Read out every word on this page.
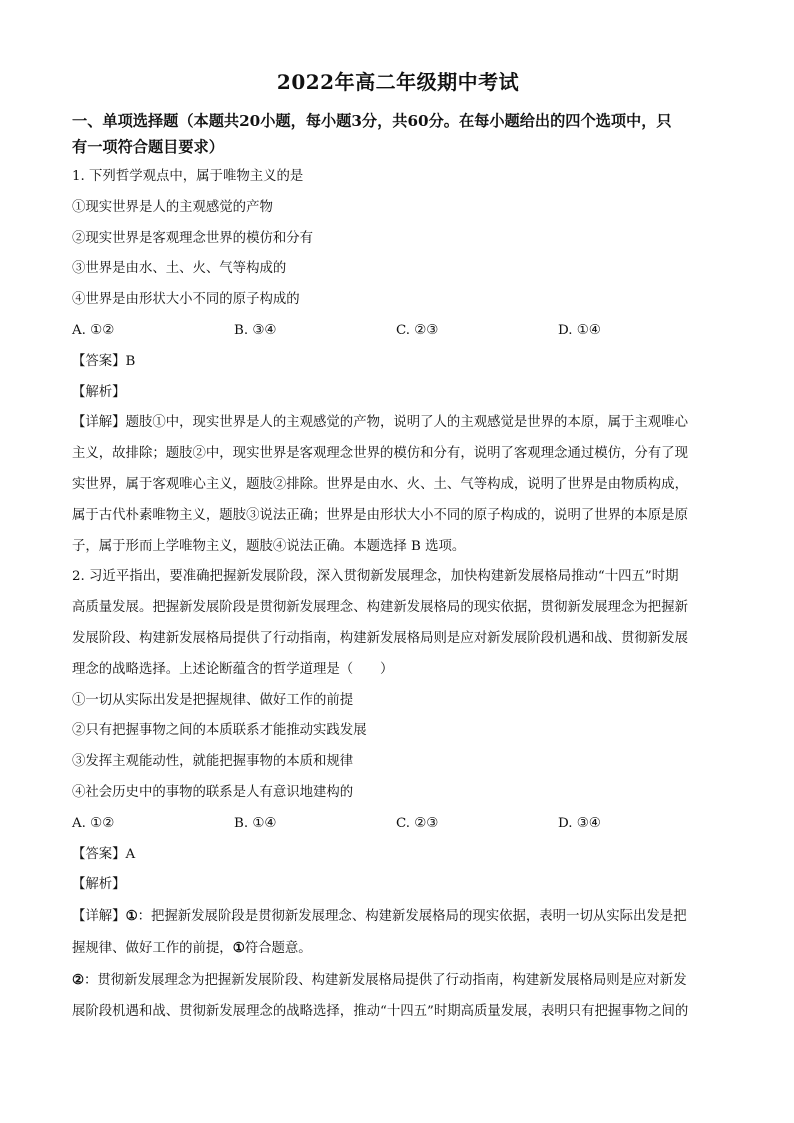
2022年高二年级期中考试

一、单项选择题（本题共20小题，每小题3分，共60分。在每小题给出的四个选项中，只

有一项符合题目要求）

1. 下列哲学观点中，属于唯物主义的是

①现实世界是人的主观感觉的产物

②现实世界是客观理念世界的模仿和分有

③世界是由水、土、火、气等构成的

④世界是由形状大小不同的原子构成的

A. ①②	B. ③④	C. ②③	D. ①④

【答案】B

【解析】

【详解】题肢①中，现实世界是人的主观感觉的产物，说明了人的主观感觉是世界的本原，属于主观唯心

主义，故排除；题肢②中，现实世界是客观理念世界的模仿和分有，说明了客观理念通过模仿，分有了现

实世界，属于客观唯心主义，题肢②排除。世界是由水、火、土、气等构成，说明了世界是由物质构成，

属于古代朴素唯物主义，题肢③说法正确；世界是由形状大小不同的原子构成的，说明了世界的本原是原

子，属于形而上学唯物主义，题肢④说法正确。本题选择 B 选项。

2. 习近平指出，要准确把握新发展阶段，深入贯彻新发展理念，加快构建新发展格局推动“十四五”时期

高质量发展。把握新发展阶段是贯彻新发展理念、构建新发展格局的现实依据，贯彻新发展理念为把握新

发展阶段、构建新发展格局提供了行动指南，构建新发展格局则是应对新发展阶段机遇和战、贯彻新发展

理念的战略选择。上述论断蕴含的哲学道理是（　　）

①一切从实际出发是把握规律、做好工作的前提

②只有把握事物之间的本质联系才能推动实践发展

③发挥主观能动性，就能把握事物的本质和规律

④社会历史中的事物的联系是人有意识地建构的

A. ①②	B. ①④	C. ②③	D. ③④

【答案】A

【解析】

【详解】①：把握新发展阶段是贯彻新发展理念、构建新发展格局的现实依据，表明一切从实际出发是把

握规律、做好工作的前提，①符合题意。

②：贯彻新发展理念为把握新发展阶段、构建新发展格局提供了行动指南，构建新发展格局则是应对新发

展阶段机遇和战、贯彻新发展理念的战略选择，推动“十四五”时期高质量发展，表明只有把握事物之间的
